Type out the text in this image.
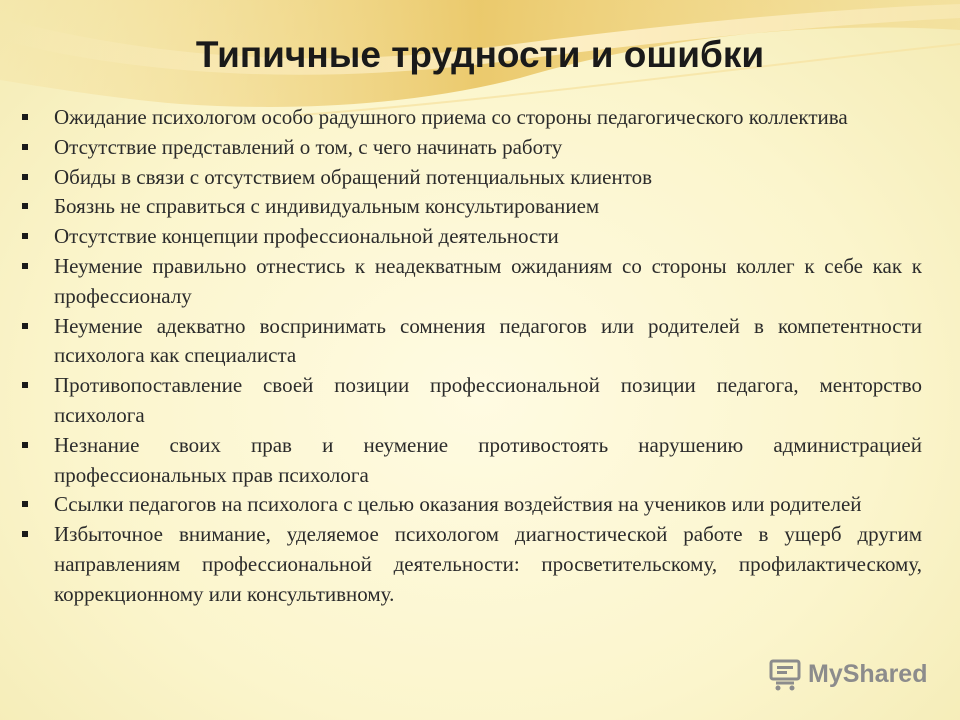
Типичные трудности и ошибки
Ожидание психологом особо радушного приема со стороны педагогического коллектива
Отсутствие представлений о том, с чего начинать работу
Обиды в связи с отсутствием обращений потенциальных клиентов
Боязнь не справиться с индивидуальным консультированием
Отсутствие концепции профессиональной деятельности
Неумение правильно отнестись к неадекватным ожиданиям со стороны коллег к себе как к профессионалу
Неумение адекватно воспринимать сомнения педагогов или родителей в компетентности психолога как специалиста
Противопоставление своей позиции профессиональной позиции педагога, менторство психолога
Незнание своих прав и неумение противостоять нарушению администрацией профессиональных прав психолога
Ссылки педагогов на психолога с целью оказания воздействия на учеников или родителей
Избыточное внимание, уделяемое психологом диагностической работе в ущерб другим направлениям профессиональной деятельности: просветительскому, профилактическому, коррекционному или консультивному.
MyShared
